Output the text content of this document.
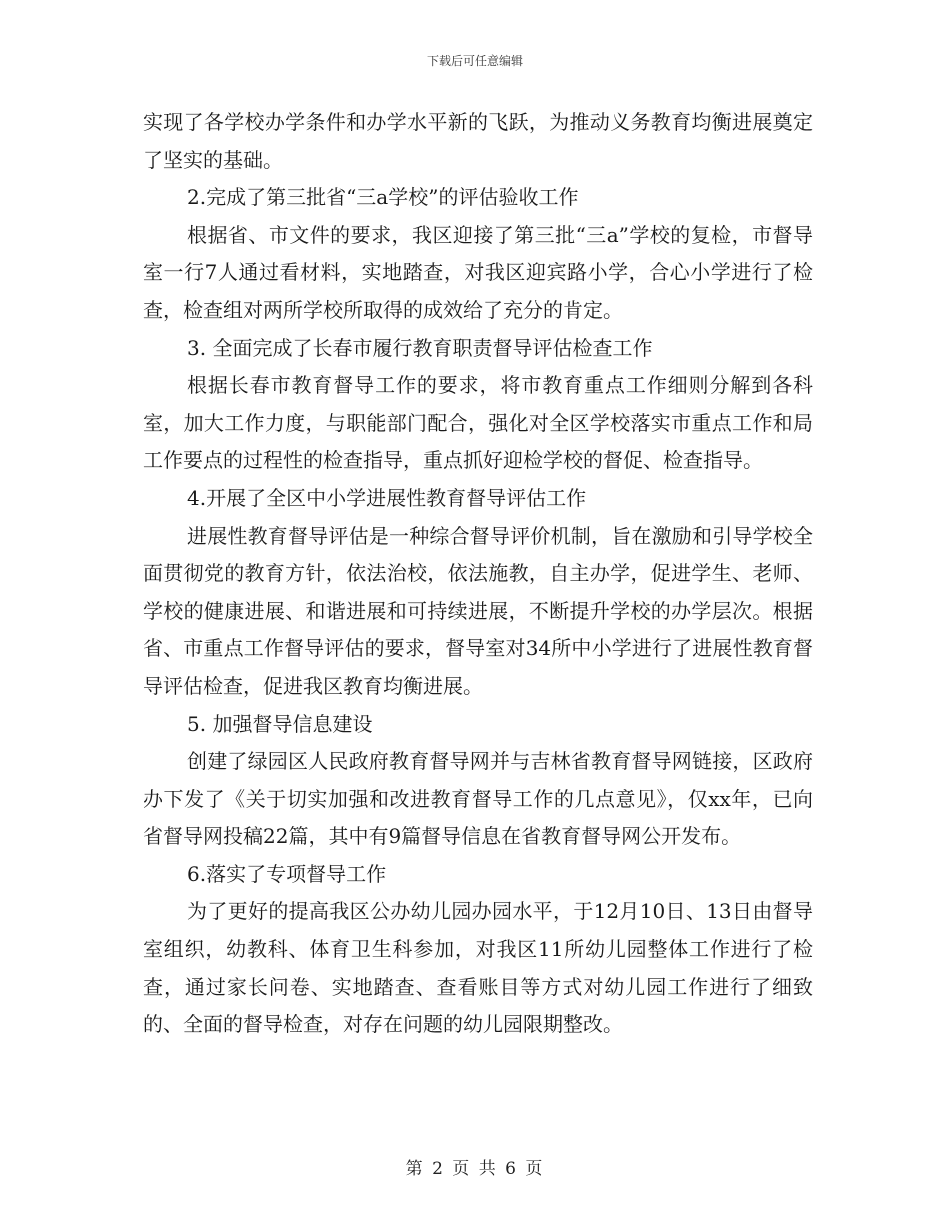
下载后可任意编辑

实现了各学校办学条件和办学水平新的飞跃，为推动义务教育均衡进展奠定了坚实的基础。

2.完成了第三批省“三a学校”的评估验收工作

根据省、市文件的要求，我区迎接了第三批“三a”学校的复检，市督导室一行7人通过看材料，实地踏查，对我区迎宾路小学，合心小学进行了检查，检查组对两所学校所取得的成效给了充分的肯定。

3. 全面完成了长春市履行教育职责督导评估检查工作

根据长春市教育督导工作的要求，将市教育重点工作细则分解到各科室，加大工作力度，与职能部门配合，强化对全区学校落实市重点工作和局工作要点的过程性的检查指导，重点抓好迎检学校的督促、检查指导。

4.开展了全区中小学进展性教育督导评估工作

进展性教育督导评估是一种综合督导评价机制，旨在激励和引导学校全面贯彻党的教育方针，依法治校，依法施教，自主办学，促进学生、老师、学校的健康进展、和谐进展和可持续进展，不断提升学校的办学层次。根据省、市重点工作督导评估的要求，督导室对34所中小学进行了进展性教育督导评估检查，促进我区教育均衡进展。

5. 加强督导信息建设

创建了绿园区人民政府教育督导网并与吉林省教育督导网链接，区政府办下发了《关于切实加强和改进教育督导工作的几点意见》，仅xx年，已向省督导网投稿22篇，其中有9篇督导信息在省教育督导网公开发布。

6.落实了专项督导工作

为了更好的提高我区公办幼儿园办园水平，于12月10日、13日由督导室组织，幼教科、体育卫生科参加，对我区11所幼儿园整体工作进行了检查，通过家长问卷、实地踏查、查看账目等方式对幼儿园工作进行了细致的、全面的督导检查，对存在问题的幼儿园限期整改。

第 2 页 共 6 页
